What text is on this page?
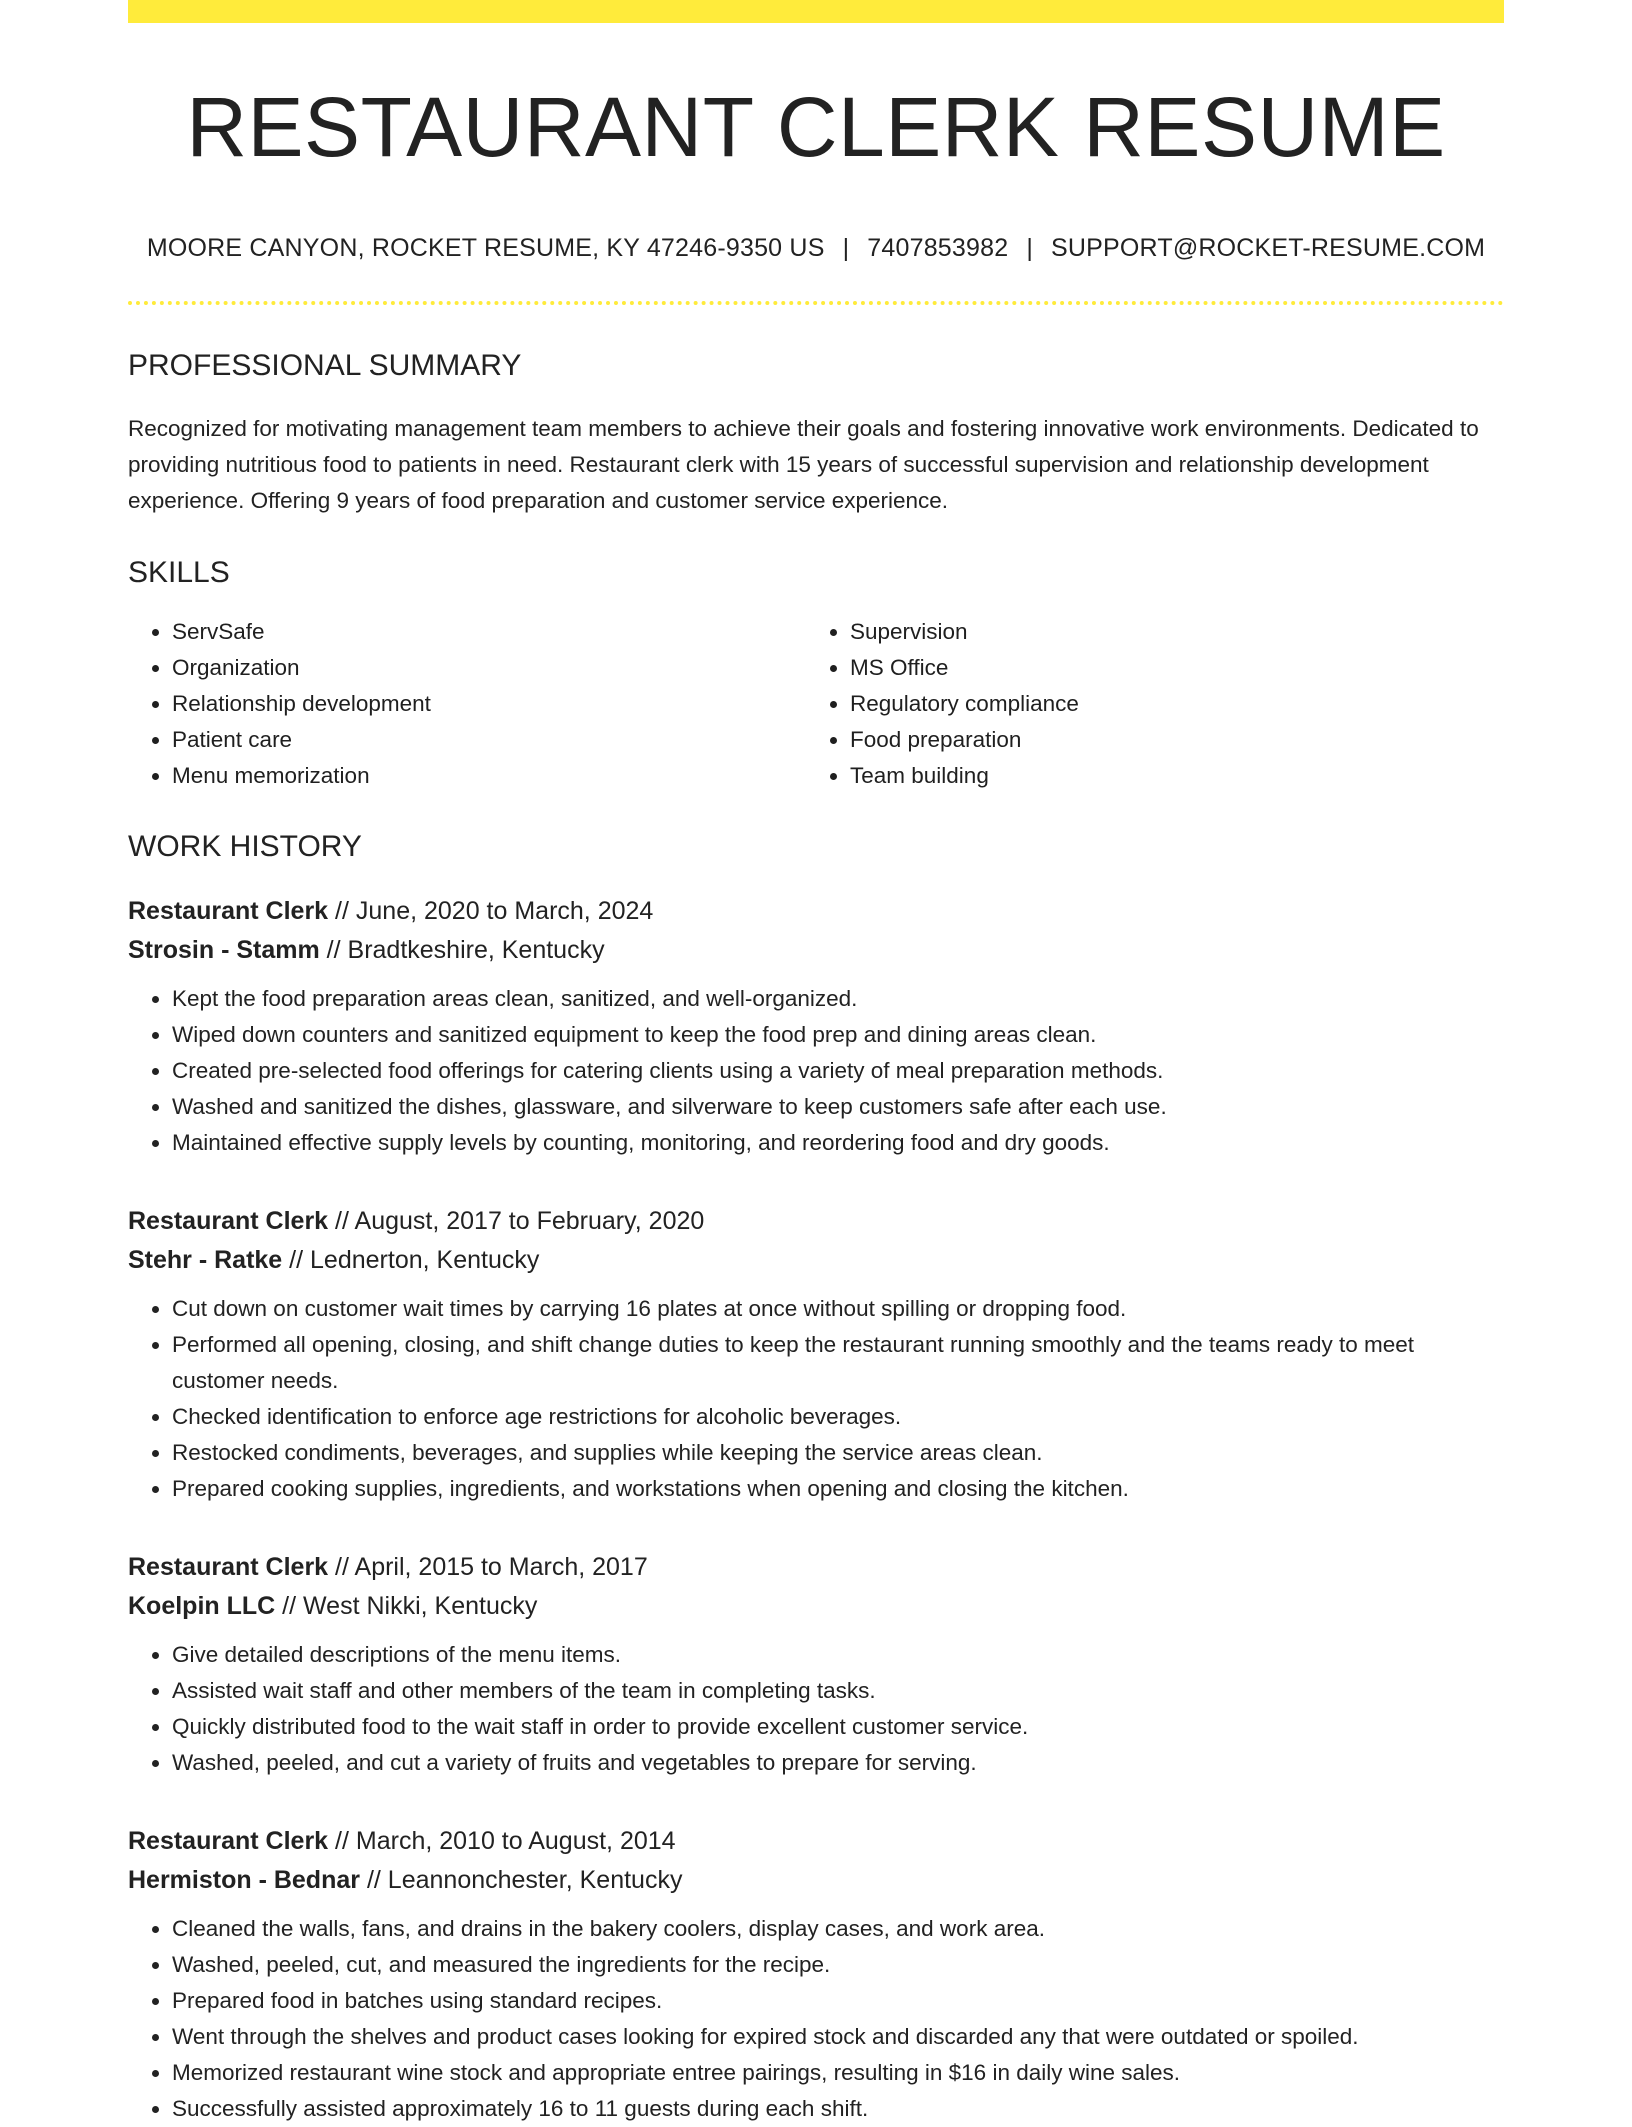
RESTAURANT CLERK RESUME
MOORE CANYON, ROCKET RESUME, KY 47246-9350 US | 7407853982 | SUPPORT@ROCKET-RESUME.COM
PROFESSIONAL SUMMARY

Recognized for motivating management team members to achieve their goals and fostering innovative work environments. Dedicated to providing nutritious food to patients in need. Restaurant clerk with 15 years of successful supervision and relationship development experience. Offering 9 years of food preparation and customer service experience.

SKILLS
• ServSafe
• Organization
• Relationship development
• Patient care
• Menu memorization
• Supervision
• MS Office
• Regulatory compliance
• Food preparation
• Team building
WORK HISTORY
Restaurant Clerk // June, 2020 to March, 2024
Strosin - Stamm // Bradtkeshire, Kentucky
• Kept the food preparation areas clean, sanitized, and well-organized.
• Wiped down counters and sanitized equipment to keep the food prep and dining areas clean.
• Created pre-selected food offerings for catering clients using a variety of meal preparation methods.
• Washed and sanitized the dishes, glassware, and silverware to keep customers safe after each use.
• Maintained effective supply levels by counting, monitoring, and reordering food and dry goods.
Restaurant Clerk // August, 2017 to February, 2020
Stehr - Ratke // Lednerton, Kentucky
• Cut down on customer wait times by carrying 16 plates at once without spilling or dropping food.
• Performed all opening, closing, and shift change duties to keep the restaurant running smoothly and the teams ready to meet customer needs.
• Checked identification to enforce age restrictions for alcoholic beverages.
• Restocked condiments, beverages, and supplies while keeping the service areas clean.
• Prepared cooking supplies, ingredients, and workstations when opening and closing the kitchen.
Restaurant Clerk // April, 2015 to March, 2017
Koelpin LLC // West Nikki, Kentucky
• Give detailed descriptions of the menu items.
• Assisted wait staff and other members of the team in completing tasks.
• Quickly distributed food to the wait staff in order to provide excellent customer service.
• Washed, peeled, and cut a variety of fruits and vegetables to prepare for serving.
Restaurant Clerk // March, 2010 to August, 2014
Hermiston - Bednar // Leannonchester, Kentucky
• Cleaned the walls, fans, and drains in the bakery coolers, display cases, and work area.
• Washed, peeled, cut, and measured the ingredients for the recipe.
• Prepared food in batches using standard recipes.
• Went through the shelves and product cases looking for expired stock and discarded any that were outdated or spoiled.
• Memorized restaurant wine stock and appropriate entree pairings, resulting in $16 in daily wine sales.
• Successfully assisted approximately 16 to 11 guests during each shift.
